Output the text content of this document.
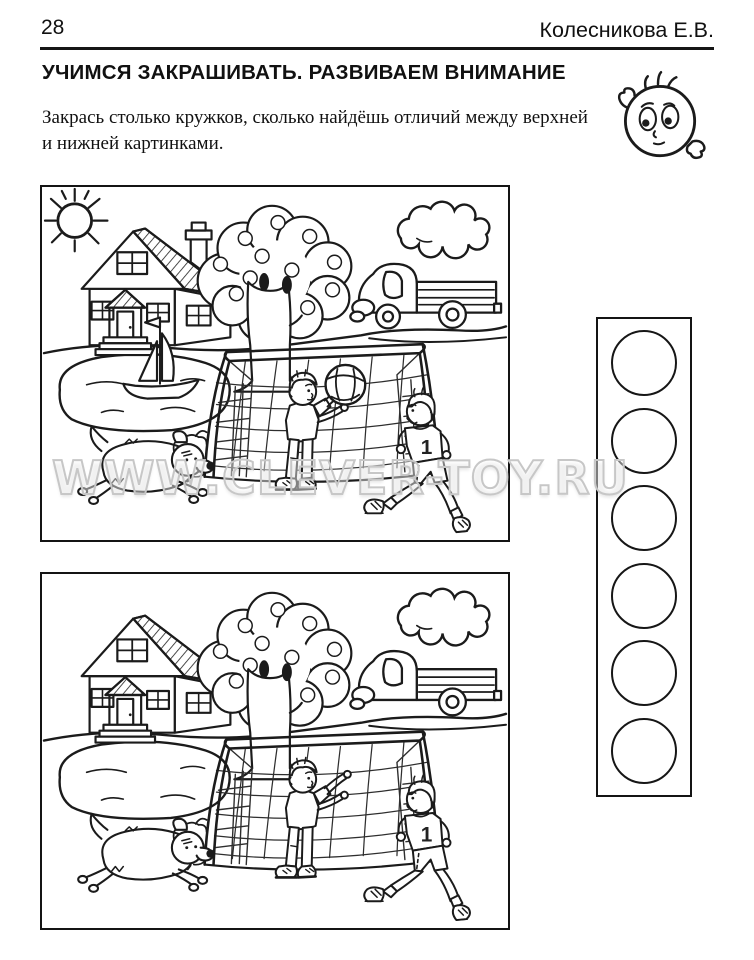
28	Колесникова Е.В.
УЧИМСЯ ЗАКРАШИВАТЬ. РАЗВИВАЕМ ВНИМАНИЕ
Закрась столько кружков, сколько найдёшь отличий между верхней
и нижней картинками.
WWW.CLEVER-TOY.RU
